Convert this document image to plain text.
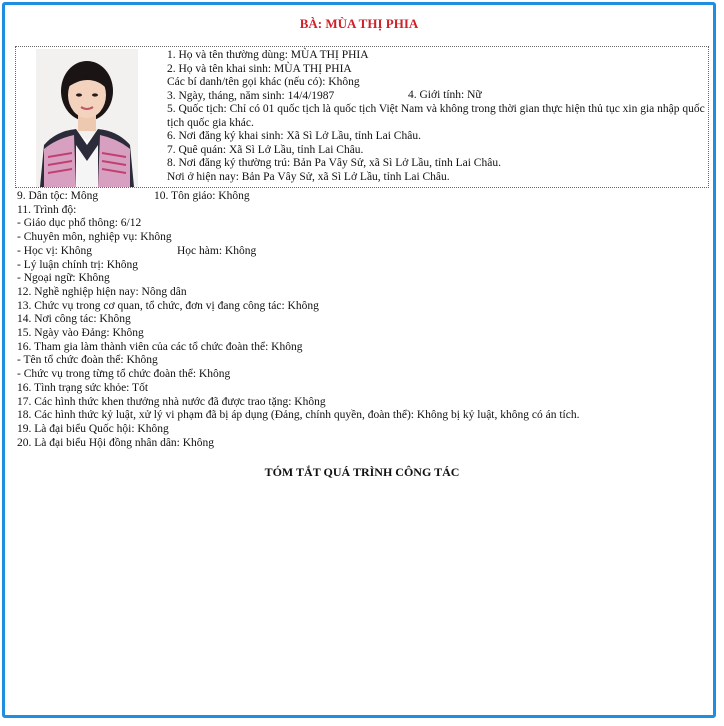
BÀ: MÙA THỊ PHIA
1. Họ và tên thường dùng: MÙA THỊ PHIA
2. Họ và tên khai sinh: MÙA THỊ PHIA
Các bí danh/tên gọi khác (nếu có): Không
3. Ngày, tháng, năm sinh: 14/4/1987	4. Giới tính: Nữ
5. Quốc tịch: Chỉ có 01 quốc tịch là quốc tịch Việt Nam và không trong thời gian thực hiện thủ tục xin gia nhập quốc tịch quốc gia khác.
6. Nơi đăng ký khai sinh: Xã Sì Lở Lầu, tỉnh Lai Châu.
7. Quê quán: Xã Sì Lở Lầu, tỉnh Lai Châu.
8. Nơi đăng ký thường trú: Bản Pa Vây Sử, xã Sì Lở Lầu, tỉnh Lai Châu.
Nơi ở hiện nay: Bản Pa Vây Sử, xã Sì Lở Lầu, tỉnh Lai Châu.
9. Dân tộc: Mông	10. Tôn giáo: Không
11. Trình độ:
- Giáo dục phổ thông: 6/12
- Chuyên môn, nghiệp vụ: Không
- Học vị: Không	Học hàm: Không
- Lý luận chính trị: Không
- Ngoại ngữ: Không
12. Nghề nghiệp hiện nay: Nông dân
13. Chức vụ trong cơ quan, tổ chức, đơn vị đang công tác: Không
14. Nơi công tác: Không
15. Ngày vào Đảng: Không
16. Tham gia làm thành viên của các tổ chức đoàn thể: Không
- Tên tổ chức đoàn thể: Không
- Chức vụ trong từng tổ chức đoàn thể: Không
16. Tình trạng sức khỏe: Tốt
17. Các hình thức khen thưởng nhà nước đã được trao tặng: Không
18. Các hình thức kỷ luật, xử lý vi phạm đã bị áp dụng (Đảng, chính quyền, đoàn thể): Không bị kỷ luật, không có án tích.
19. Là đại biểu Quốc hội: Không
20. Là đại biểu Hội đồng nhân dân: Không
TÓM TẮT QUÁ TRÌNH CÔNG TÁC
